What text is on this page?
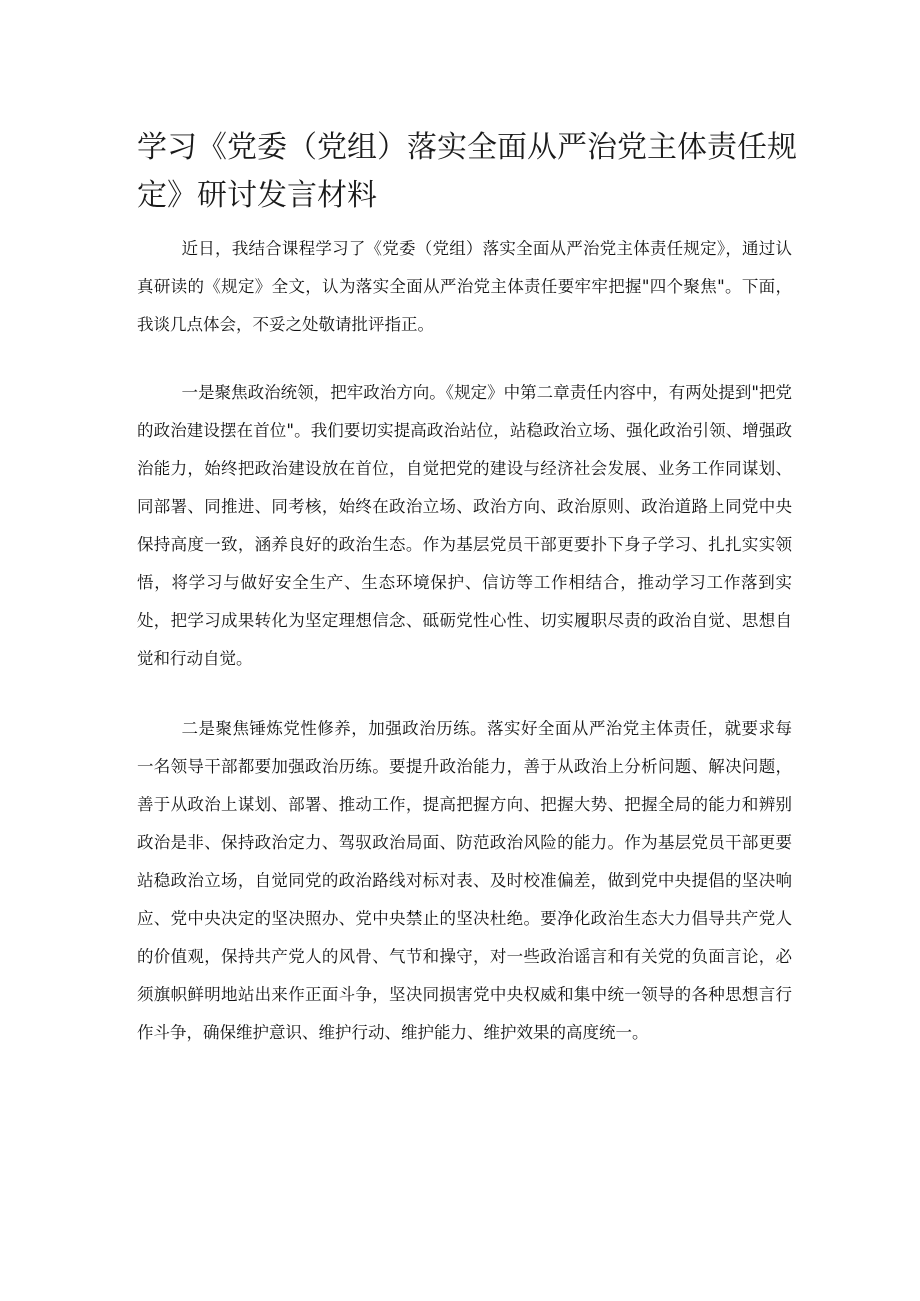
学习《党委（党组）落实全面从严治党主体责任规定》研讨发言材料

近日，我结合课程学习了《党委（党组）落实全面从严治党主体责任规定》，通过认真研读的《规定》全文，认为落实全面从严治党主体责任要牢牢把握"四个聚焦"。下面，我谈几点体会，不妥之处敬请批评指正。

一是聚焦政治统领，把牢政治方向。《规定》中第二章责任内容中，有两处提到"把党的政治建设摆在首位"。我们要切实提高政治站位，站稳政治立场、强化政治引领、增强政治能力，始终把政治建设放在首位，自觉把党的建设与经济社会发展、业务工作同谋划、同部署、同推进、同考核，始终在政治立场、政治方向、政治原则、政治道路上同党中央保持高度一致，涵养良好的政治生态。作为基层党员干部更要扑下身子学习、扎扎实实领悟，将学习与做好安全生产、生态环境保护、信访等工作相结合，推动学习工作落到实处，把学习成果转化为坚定理想信念、砥砺党性心性、切实履职尽责的政治自觉、思想自觉和行动自觉。

二是聚焦锤炼党性修养，加强政治历练。落实好全面从严治党主体责任，就要求每一名领导干部都要加强政治历练。要提升政治能力，善于从政治上分析问题、解决问题，善于从政治上谋划、部署、推动工作，提高把握方向、把握大势、把握全局的能力和辨别政治是非、保持政治定力、驾驭政治局面、防范政治风险的能力。作为基层党员干部更要站稳政治立场，自觉同党的政治路线对标对表、及时校准偏差，做到党中央提倡的坚决响应、党中央决定的坚决照办、党中央禁止的坚决杜绝。要净化政治生态大力倡导共产党人的价值观，保持共产党人的风骨、气节和操守，对一些政治谣言和有关党的负面言论，必须旗帜鲜明地站出来作正面斗争，坚决同损害党中央权威和集中统一领导的各种思想言行作斗争，确保维护意识、维护行动、维护能力、维护效果的高度统一。
